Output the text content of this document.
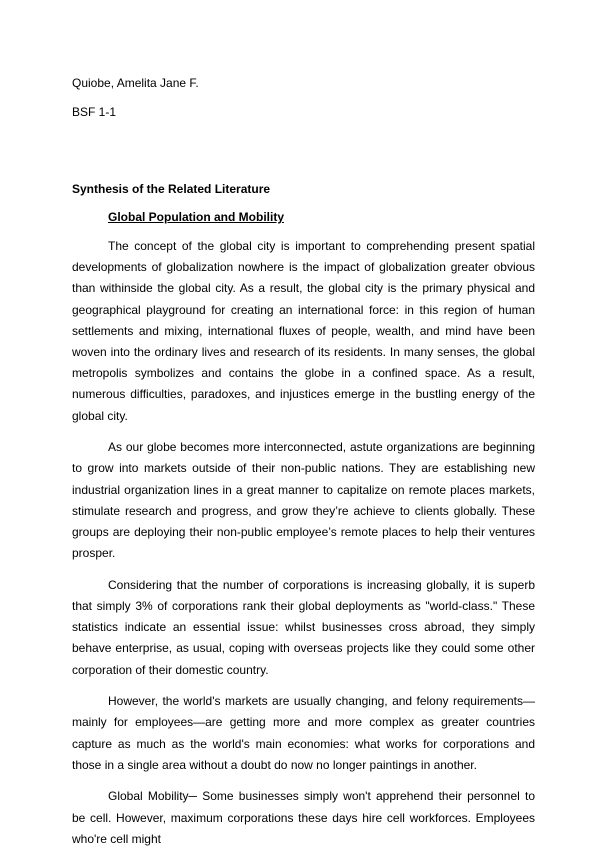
Quiobe, Amelita Jane F.
BSF 1-1
Synthesis of the Related Literature
Global Population and Mobility

The concept of the global city is important to comprehending present spatial developments of globalization nowhere is the impact of globalization greater obvious than withinside the global city. As a result, the global city is the primary physical and geographical playground for creating an international force: in this region of human settlements and mixing, international fluxes of people, wealth, and mind have been woven into the ordinary lives and research of its residents. In many senses, the global metropolis symbolizes and contains the globe in a confined space. As a result, numerous difficulties, paradoxes, and injustices emerge in the bustling energy of the global city.

As our globe becomes more interconnected, astute organizations are beginning to grow into markets outside of their non-public nations. They are establishing new industrial organization lines in a great manner to capitalize on remote places markets, stimulate research and progress, and grow they’re achieve to clients globally. These groups are deploying their non-public employee’s remote places to help their ventures prosper.

Considering that the number of corporations is increasing globally, it is superb that simply 3% of corporations rank their global deployments as "world-class." These statistics indicate an essential issue: whilst businesses cross abroad, they simply behave enterprise, as usual, coping with overseas projects like they could some other corporation of their domestic country.

However, the world's markets are usually changing, and felony requirements—mainly for employees—are getting more and more complex as greater countries capture as much as the world's main economies: what works for corporations and those in a single area without a doubt do now no longer paintings in another.

Global Mobility─ Some businesses simply won't apprehend their personnel to be cell. However, maximum corporations these days hire cell workforces. Employees who're cell might
